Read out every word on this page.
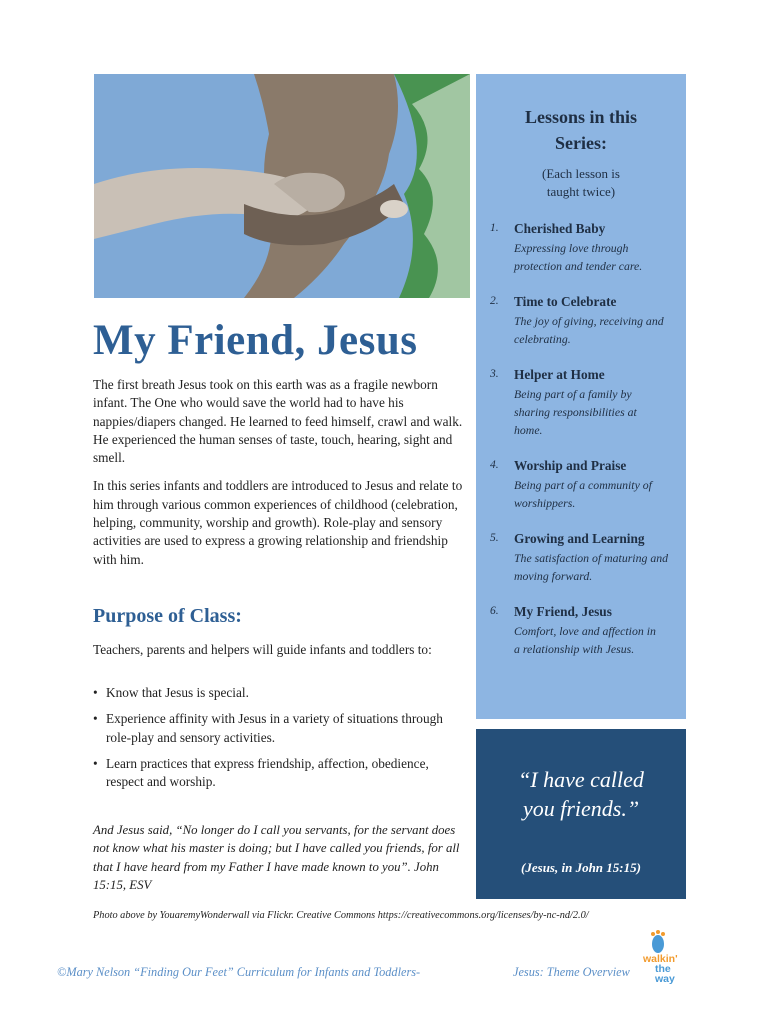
My Friend, Jesus

The first breath Jesus took on this earth was as a fragile newborn infant. The One who would save the world had to have his nappies/diapers changed. He learned to feed himself, crawl and walk. He experienced the human senses of taste, touch, hearing, sight and smell.

In this series infants and toddlers are introduced to Jesus and relate to him through various common experiences of childhood (celebration, helping, community, worship and growth). Role-play and sensory activities are used to express a growing relationship and friendship with him.

Purpose of Class:

Teachers, parents and helpers will guide infants and toddlers to:

• Know that Jesus is special.
• Experience affinity with Jesus in a variety of situations through role-play and sensory activities.
• Learn practices that express friendship, affection, obedience, respect and worship.

And Jesus said, “No longer do I call you servants, for the servant does not know what his master is doing; but I have called you friends, for all that I have heard from my Father I have made known to you”. John 15:15, ESV

Photo above by YouaremyWonderwall via Flickr. Creative Commons https://creativecommons.org/licenses/by-nc-nd/2.0/

Lessons in this Series:

(Each lesson is taught twice)

1. Cherished Baby
Expressing love through protection and tender care.
2. Time to Celebrate
The joy of giving, receiving and celebrating.
3. Helper at Home
Being part of a family by sharing responsibilities at home.
4. Worship and Praise
Being part of a community of worshippers.
5. Growing and Learning
The satisfaction of maturing and moving forward.
6. My Friend, Jesus
Comfort, love and affection in a relationship with Jesus.

“I have called you friends.”

(Jesus, in John 15:15)

©Mary Nelson “Finding Our Feet” Curriculum for Infants and Toddlers-	Jesus: Theme Overview
walkin'
the way
